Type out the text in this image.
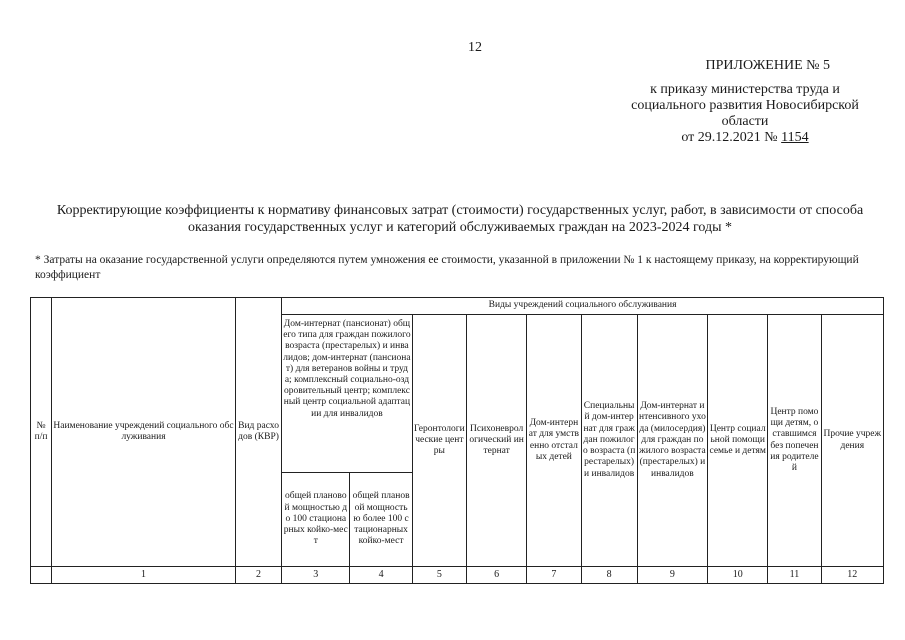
12
ПРИЛОЖЕНИЕ № 5
к приказу министерства труда и
социального развития Новосибирской
области
от 29.12.2021 № 1154
Корректирующие коэффициенты к нормативу финансовых затрат (стоимости) государственных услуг, работ, в зависимости от способа оказания государственных услуг и категорий обслуживаемых граждан на 2023-2024 годы *
* Затраты на оказание государственной услуги определяются путем умножения ее стоимости, указанной в приложении № 1 к настоящему приказу, на корректирующий коэффициент
№ п/п	Наименование учреждений социального обслуживания	Вид расходов (КВР)	Виды учреждений социального обслуживания									
			Дом-интернат (пансионат) общего типа для граждан пожилого возраста (престарелых) и инвалидов; дом-интернат (пансионат) для ветеранов войны и труда; комплексный социально-оздоровительный центр; комплексный центр социальной адаптации для инвалидов		Геронтологические центры	Психоневрологический интернат	Дом-интернат для умственно отсталых детей	Специальный дом-интернат для граждан пожилого возраста (престарелых) и инвалидов	Дом-интернат интенсивного ухода (милосердия) для граждан пожилого возраста (престарелых) и инвалидов	Центр социальной помощи семье и детям	Центр помощи детям, оставшимся без попечения родителей	Прочие учреждения
			общей плановой мощностью до 100 стационарных койко-мест	общей плановой мощностью более 100 стационарных койко-мест								
	1	2	3	4	5	6	7	8	9	10	11	12
